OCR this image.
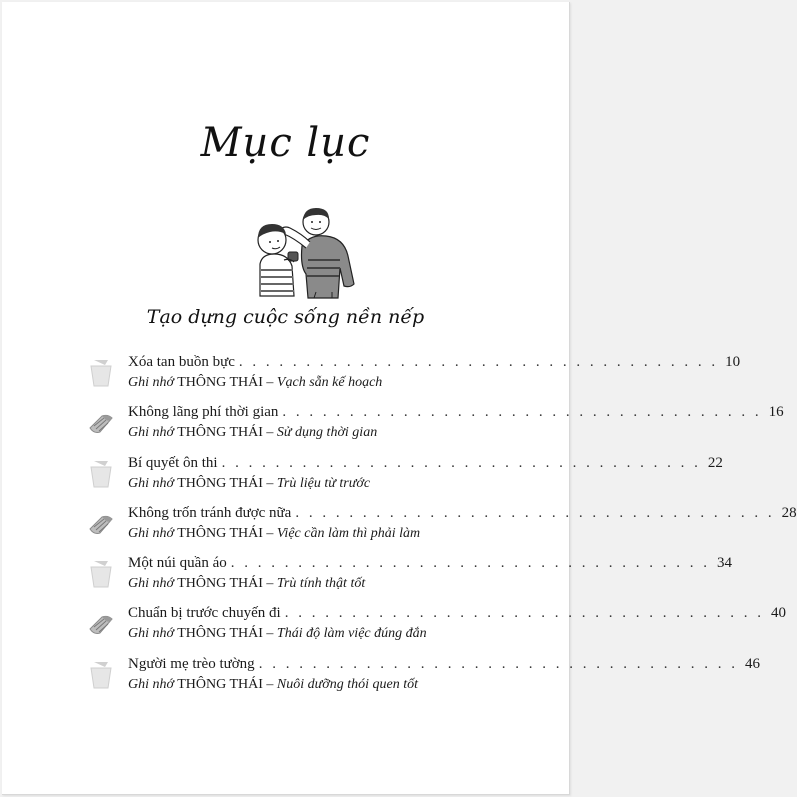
Mục lục
Tạo dựng cuộc sống nền nếp
Xóa tan buồn bực . . . . . . . . . . . . . . . . . . . . . . . . . . . . . . . . . . . . 10
Ghi nhớ THÔNG THÁI – Vạch sẵn kế hoạch
Không lãng phí thời gian . . . . . . . . . . . . . . . . . . . . . . . . . . . . . . . . . . . . 16
Ghi nhớ THÔNG THÁI – Sử dụng thời gian
Bí quyết ôn thi . . . . . . . . . . . . . . . . . . . . . . . . . . . . . . . . . . . . 22
Ghi nhớ THÔNG THÁI – Trù liệu từ trước
Không trốn tránh được nữa . . . . . . . . . . . . . . . . . . . . . . . . . . . . . . . . . . . . 28
Ghi nhớ THÔNG THÁI – Việc cần làm thì phải làm
Một núi quần áo . . . . . . . . . . . . . . . . . . . . . . . . . . . . . . . . . . . . 34
Ghi nhớ THÔNG THÁI – Trù tính thật tốt
Chuẩn bị trước chuyến đi . . . . . . . . . . . . . . . . . . . . . . . . . . . . . . . . . . . . 40
Ghi nhớ THÔNG THÁI – Thái độ làm việc đúng đắn
Người mẹ trèo tường . . . . . . . . . . . . . . . . . . . . . . . . . . . . . . . . . . . . 46
Ghi nhớ THÔNG THÁI – Nuôi dưỡng thói quen tốt
